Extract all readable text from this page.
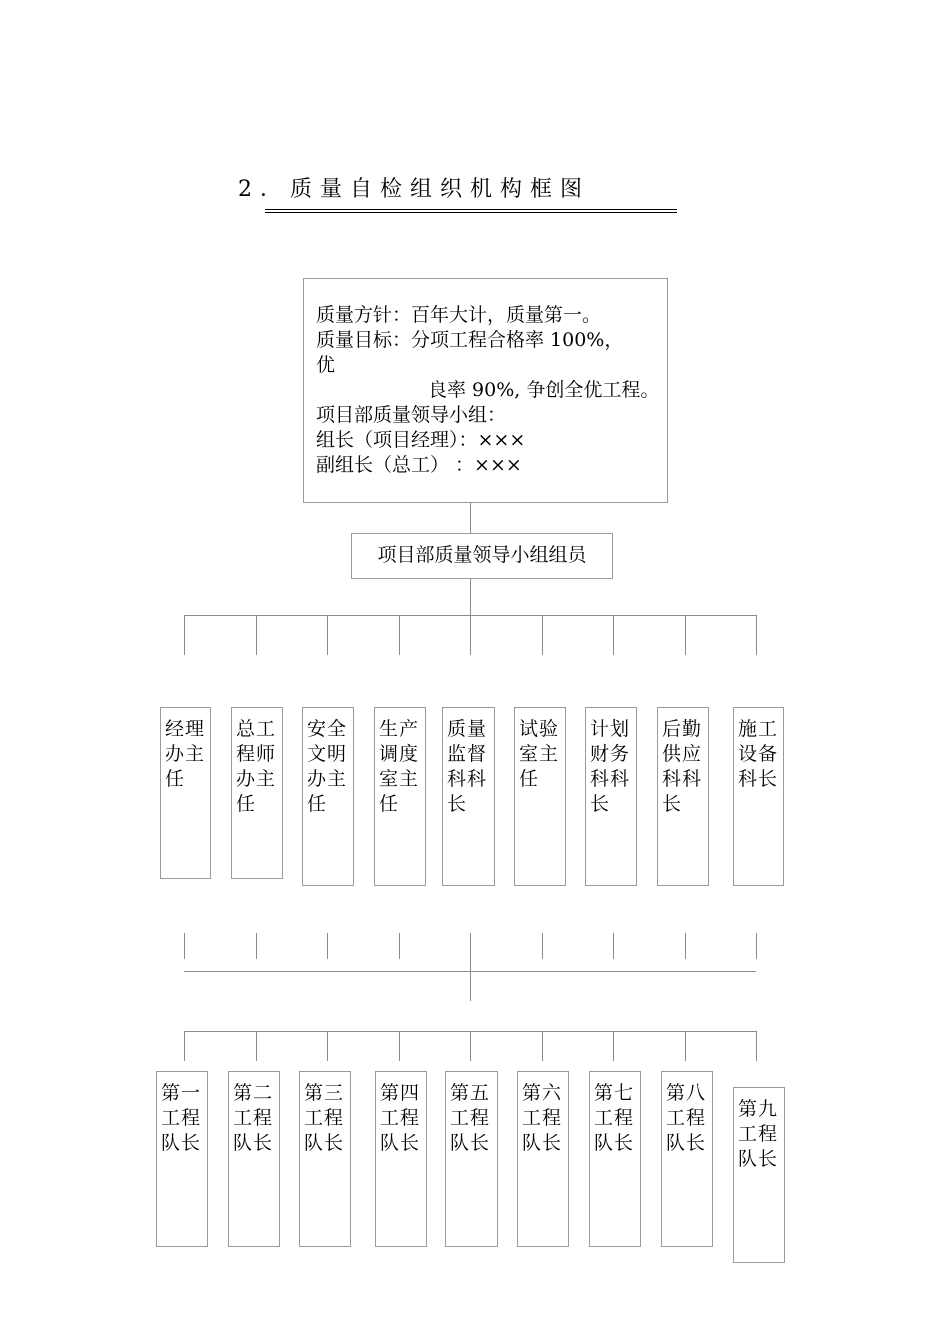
2．质量自检组织机构框图
质量方针：百年大计，质量第一。
质量目标：分项工程合格率 100%，
优
良率 90%, 争创全优工程。
项目部质量领导小组：
组长（项目经理）：×××
副组长（总工） ：×××
项目部质量领导小组组员
经理办主任
总工程师办主任
安全文明办主任
生产调度室主任
质量监督科科长
试验室主任
计划财务科科长
后勤供应科科长
施工设备科长
第一工程队长
第二工程队长
第三工程队长
第四工程队长
第五工程队长
第六工程队长
第七工程队长
第八工程队长
第九工程队长
